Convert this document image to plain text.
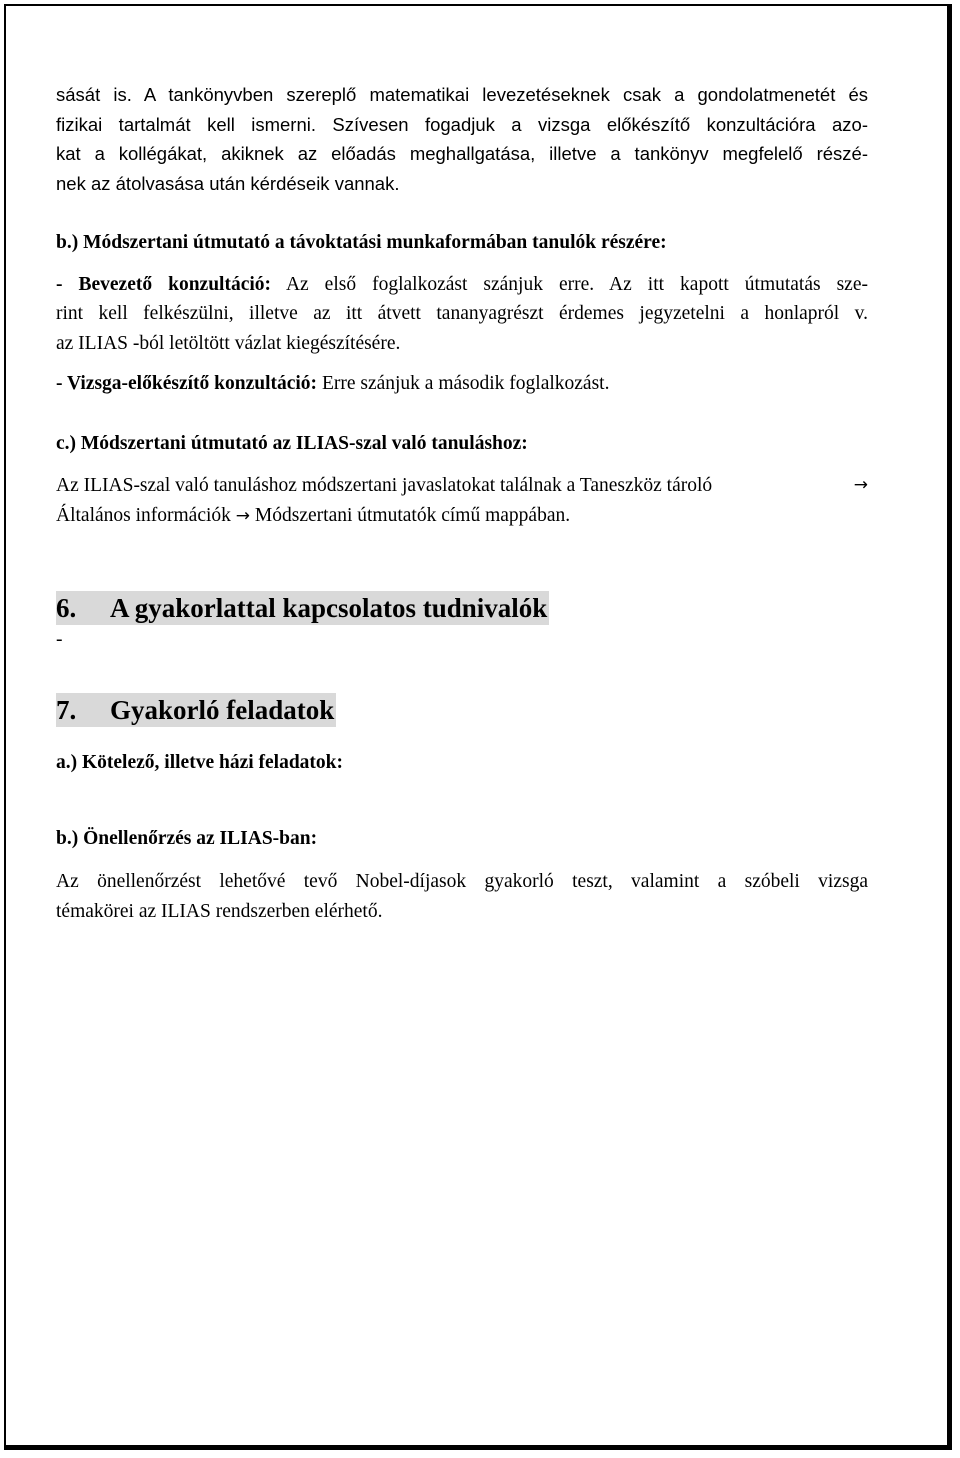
sását is. A tankönyvben szereplő matematikai levezetéseknek csak a gondolatmenetét és
fizikai tartalmát kell ismerni. Szívesen fogadjuk a vizsga előkészítő konzultációra azo-
kat a kollégákat, akiknek az előadás meghallgatása, illetve a tankönyv megfelelő részé-
nek az átolvasása után kérdéseik vannak.

b.) Módszertani útmutató a távoktatási munkaformában tanulók részére:

- Bevezető konzultáció: Az első foglalkozást szánjuk erre. Az itt kapott útmutatás sze-
rint kell felkészülni, illetve az itt átvett tananyagrészt érdemes jegyzetelni a honlapról v.
az ILIAS -ból letöltött vázlat kiegészítésére.

- Vizsga-előkészítő konzultáció: Erre szánjuk a második foglalkozást.

c.) Módszertani útmutató az ILIAS-szal való tanuláshoz:

Az ILIAS-szal való tanuláshoz módszertani javaslatokat találnak a Taneszköz tároló	→
Általános információk → Módszertani útmutatók című mappában.
6. A gyakorlattal kapcsolatos tudnivalók
-
7. Gyakorló feladatok

a.) Kötelező, illetve házi feladatok:

b.) Önellenőrzés az ILIAS-ban:

Az önellenőrzést lehetővé tevő Nobel-díjasok gyakorló teszt, valamint a szóbeli vizsga
témakörei az ILIAS rendszerben elérhető.
